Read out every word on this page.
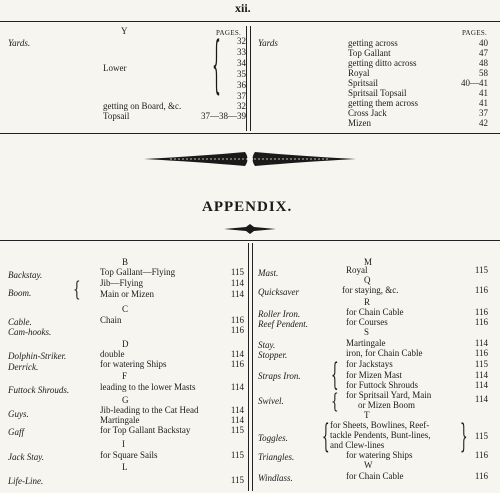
xii.
Y	PAGES.
Yards.
Lower	{	32
33
34
35
36
37
getting on Board, &c.	32
Topsail	37—38—39
Yards
PAGES.
getting across	40
Top Gallant	47
getting ditto across	48
Royal	58
Spritsail	40—41
Spritsail Topsail	41
getting them across	41
Cross Jack	37
Mizen	42
APPENDIX.
B
Backstay.	Top Gallant—Flying	115
Boom.	{ Jib—Flying	114
Main or Mizen	114
C
Cable.	Chain	116
Cam-hooks.	116
D
Dolphin-Striker.	double	114
Derrick.	for watering Ships	116
F
Futtock Shrouds.	leading to the lower Masts	114
G
Guys.	Jib-leading to the Cat Head	114
Martingale	114
Gaff	for Top Gallant Backstay	115
I
Jack Stay.	for Square Sails	115
L
Life-Line.	115
M
Mast.	Royal	115
Q
Quicksaver	for staying, &c.	116
R
Roller Iron.	for Chain Cable	116
Reef Pendent.	for Courses	116
S
Stay.	Martingale	114
Stopper.	iron, for Chain Cable	116
Straps Iron.	{ for Jackstays	115
for Mizen Mast	114
for Futtock Shrouds	114
Swivel.	{ for Spritsail Yard, Main	114
or Mizen Boom
T
Toggles.	{ for Sheets, Bowlines, Reef-
tackle Pendents, Bunt-lines,
and Clew-lines	} 115
Triangles.	for watering Ships	116
W
Windlass.	for Chain Cable	116
